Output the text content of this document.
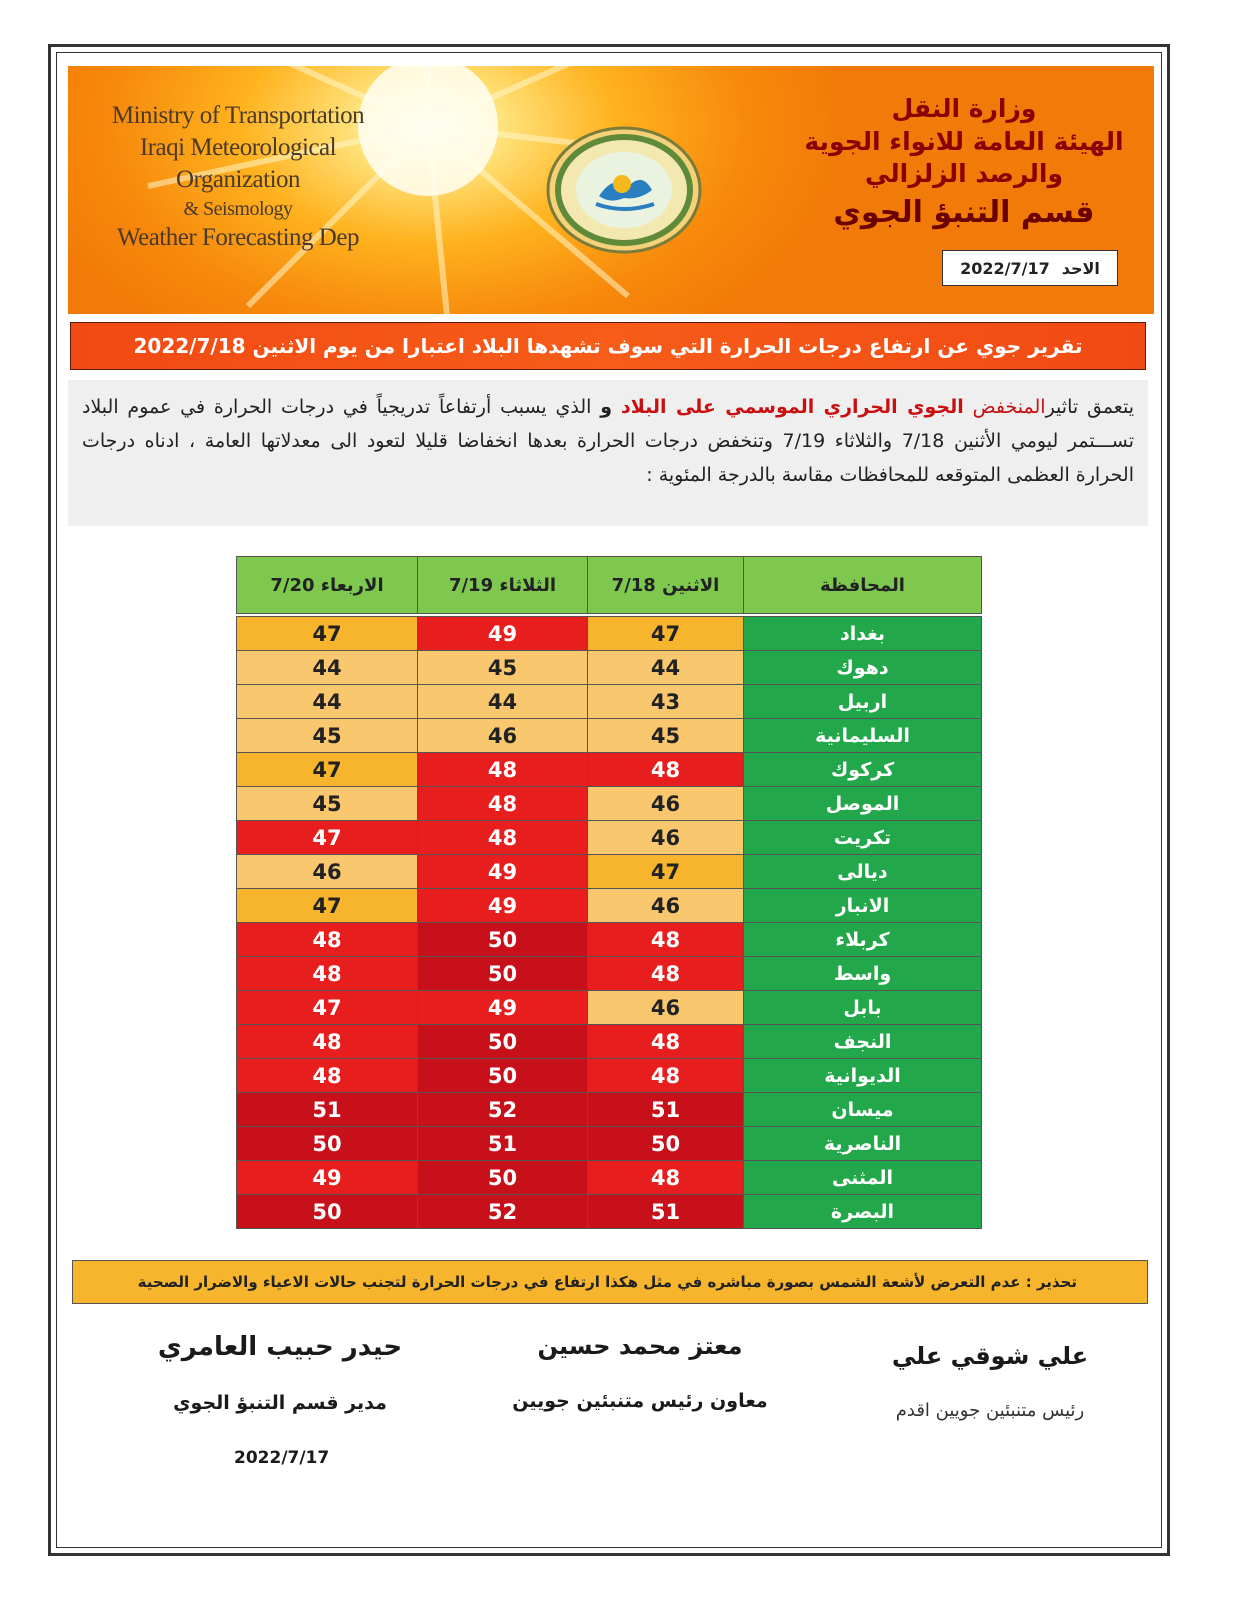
Ministry of Transportation
Iraqi Meteorological Organization
& Seismology
Weather Forecasting Dep
وزارة النقل
الهيئة العامة للانواء الجوية
والرصد الزلزالي
قسم التنبؤ الجوي
الاحد
2022/7/17
تقرير جوي عن ارتفاع درجات الحرارة التي سوف تشهدها البلاد اعتبارا من يوم الاثنين 2022/7/18
يتعمق تاثيرالمنخفض الجوي الحراري الموسمي على البلاد و الذي يسبب أرتفاعاً تدريجياً في درجات الحرارة في عموم البلاد تســـتمر ليومي الأثنين 7/18 والثلاثاء 7/19 وتنخفض درجات الحرارة بعدها انخفاضا قليلا لتعود الى معدلاتها العامة ، ادناه درجات الحرارة العظمى المتوقعه للمحافظات مقاسة بالدرجة المئوية :
المحافظة	الاثنين 7/18	الثلاثاء 7/19	الاربعاء 7/20

بغداد	47	49	47
دهوك	44	45	44
اربيل	43	44	44
السليمانية	45	46	45
كركوك	48	48	47
الموصل	46	48	45
تكريت	46	48	47
ديالى	47	49	46
الانبار	46	49	47
كربلاء	48	50	48
واسط	48	50	48
بابل	46	49	47
النجف	48	50	48
الديوانية	48	50	48
ميسان	51	52	51
الناصرية	50	51	50
المثنى	48	50	49
البصرة	51	52	50
تحذير : عدم التعرض لأشعة الشمس بصورة مباشره في مثل هكذا ارتفاع في درجات الحرارة لتجنب حالات الاعياء والاضرار الصحية
علي شوقي علي
رئيس متنبئين جويين اقدم
معتز محمد حسين
معاون رئيس متنبئين جويين
حيدر حبيب العامري
مدير قسم التنبؤ الجوي
2022/7/17
